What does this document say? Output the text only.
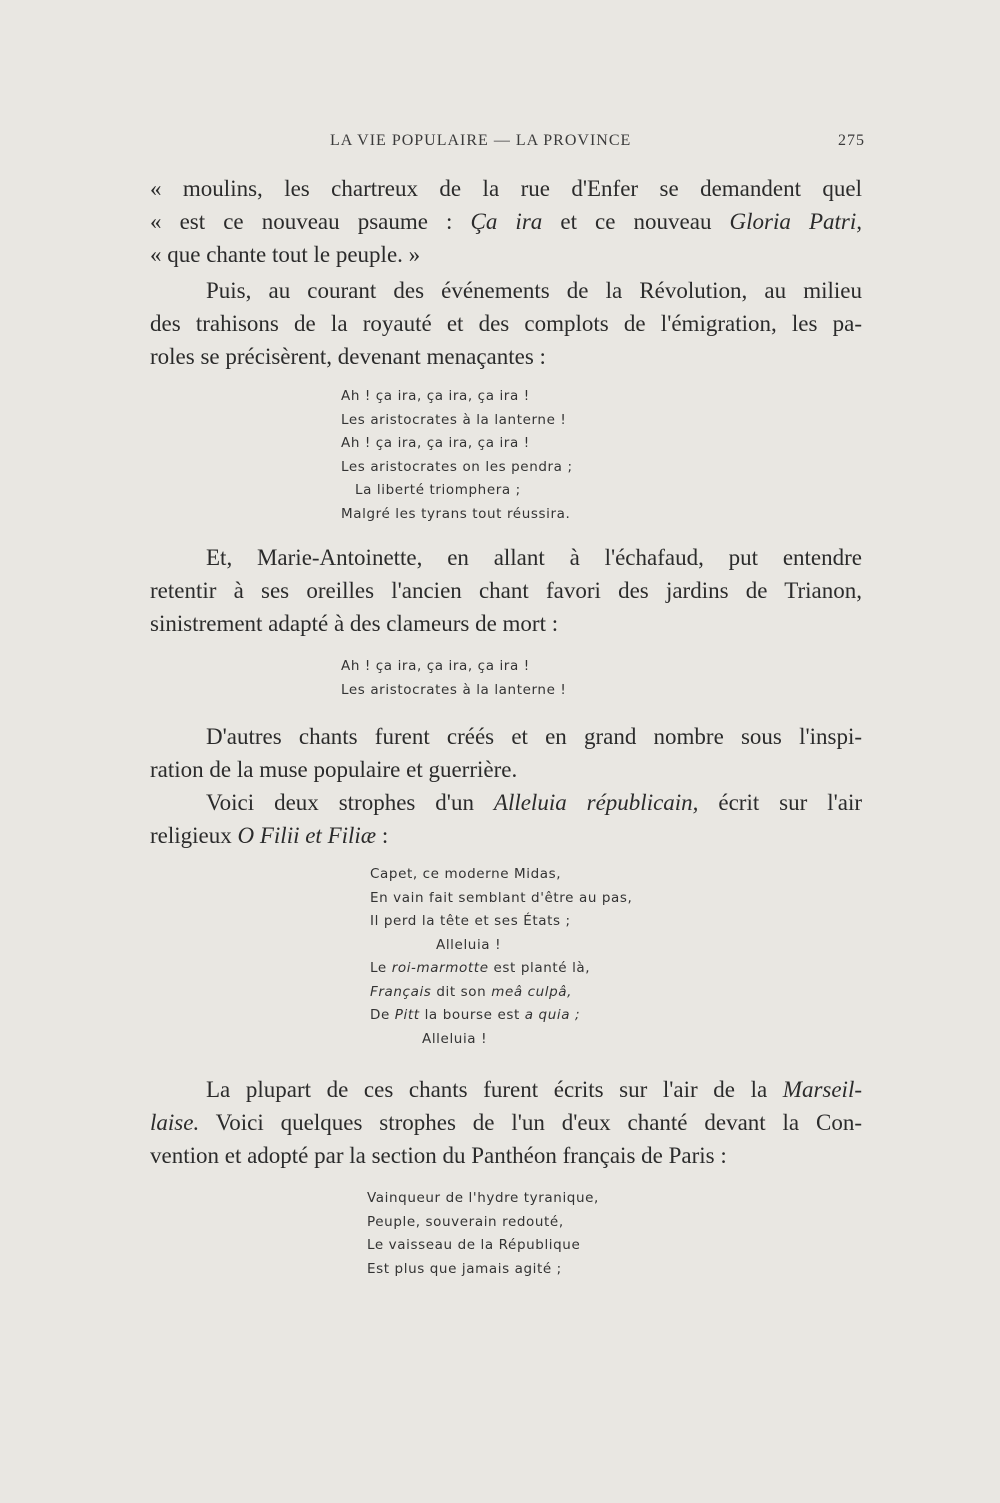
LA VIE POPULAIRE — LA PROVINCE	275
« moulins, les chartreux de la rue d'Enfer se demandent quel
« est ce nouveau psaume : Ça ira et ce nouveau Gloria Patri,
« que chante tout le peuple. »
Puis, au courant des événements de la Révolution, au milieu
des trahisons de la royauté et des complots de l'émigration, les pa-
roles se précisèrent, devenant menaçantes :
Ah ! ça ira, ça ira, ça ira !
Les aristocrates à la lanterne !
Ah ! ça ira, ça ira, ça ira !
Les aristocrates on les pendra ;
La liberté triomphera ;
Malgré les tyrans tout réussira.
Et, Marie-Antoinette, en allant à l'échafaud, put entendre
retentir à ses oreilles l'ancien chant favori des jardins de Trianon,
sinistrement adapté à des clameurs de mort :
Ah ! ça ira, ça ira, ça ira !
Les aristocrates à la lanterne !
D'autres chants furent créés et en grand nombre sous l'inspi-
ration de la muse populaire et guerrière.
Voici deux strophes d'un Alleluia républicain, écrit sur l'air
religieux O Filii et Filiæ :
Capet, ce moderne Midas,
En vain fait semblant d'être au pas,
Il perd la tête et ses États ;
Alleluia !
Le roi-marmotte est planté là,
Français dit son meâ culpâ,
De Pitt la bourse est a quia ;
Alleluia !
La plupart de ces chants furent écrits sur l'air de la Marseil-
laise. Voici quelques strophes de l'un d'eux chanté devant la Con-
vention et adopté par la section du Panthéon français de Paris :
Vainqueur de l'hydre tyranique,
Peuple, souverain redouté,
Le vaisseau de la République
Est plus que jamais agité ;
